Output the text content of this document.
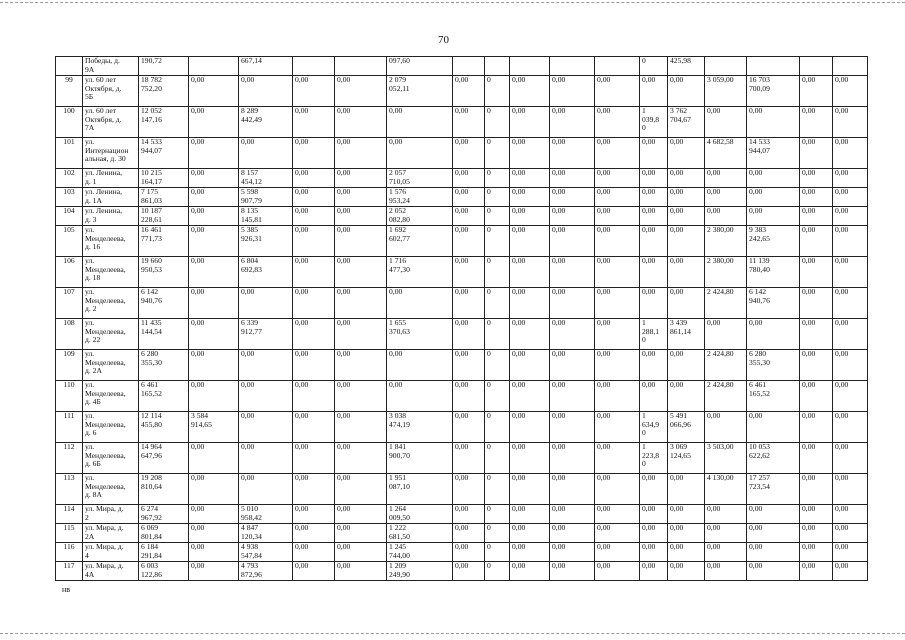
70
	Победы, д.
9А	190,72		667,14			097,60						0	425,98				
99	ул. 60 лет
Октября, д.
5Б	18 782
752,20	0,00	0,00	0,00	0,00	2 079
052,11	0,00	0	0,00	0,00	0,00	0,00	0,00	3 059,00	16 703
700,09	0,00	0,00
100	ул. 60 лет
Октября, д.
7А	12 052
147,16	0,00	8 289
442,49	0,00	0,00	0,00	0,00	0	0,00	0,00	0,00	1
039,8
0	3 762
704,67	0,00	0,00	0,00	0,00
101	ул.
Интернацион
альная, д. 30	14 533
944,07	0,00	0,00	0,00	0,00	0,00	0,00	0	0,00	0,00	0,00	0,00	0,00	4 682,58	14 533
944,07	0,00	0,00
102	ул. Ленина,
д. 1	10 215
164,17	0,00	8 157
454,12	0,00	0,00	2 057
710,05	0,00	0	0,00	0,00	0,00	0,00	0,00	0,00	0,00	0,00	0,00
103	ул. Ленина,
д. 1А	7 175
861,03	0,00	5 598
907,79	0,00	0,00	1 576
953,24	0,00	0	0,00	0,00	0,00	0,00	0,00	0,00	0,00	0,00	0,00
104	ул. Ленина,
д. 3	10 187
228,61	0,00	8 135
145,81	0,00	0,00	2 052
082,80	0,00	0	0,00	0,00	0,00	0,00	0,00	0,00	0,00	0,00	0,00
105	ул.
Менделеева,
д. 16	16 461
771,73	0,00	5 385
926,31	0,00	0,00	1 692
602,77	0,00	0	0,00	0,00	0,00	0,00	0,00	2 380,00	9 383
242,65	0,00	0,00
106	ул.
Менделеева,
д. 18	19 660
950,53	0,00	6 804
692,83	0,00	0,00	1 716
477,30	0,00	0	0,00	0,00	0,00	0,00	0,00	2 380,00	11 139
780,40	0,00	0,00
107	ул.
Менделеева,
д. 2	6 142
940,76	0,00	0,00	0,00	0,00	0,00	0,00	0	0,00	0,00	0,00	0,00	0,00	2 424,80	6 142
940,76	0,00	0,00
108	ул.
Менделеева,
д. 22	11 435
144,54	0,00	6 339
912,77	0,00	0,00	1 655
370,63	0,00	0	0,00	0,00	0,00	1
288,1
0	3 439
861,14	0,00	0,00	0,00	0,00
109	ул.
Менделеева,
д. 2А	6 280
355,30	0,00	0,00	0,00	0,00	0,00	0,00	0	0,00	0,00	0,00	0,00	0,00	2 424,80	6 280
355,30	0,00	0,00
110	ул.
Менделеева,
д. 4Б	6 461
165,52	0,00	0,00	0,00	0,00	0,00	0,00	0	0,00	0,00	0,00	0,00	0,00	2 424,80	6 461
165,52	0,00	0,00
111	ул.
Менделеева,
д. 6	12 114
455,80	3 584
914,65	0,00	0,00	0,00	3 038
474,19	0,00	0	0,00	0,00	0,00	1
634,9
0	5 491
066,96	0,00	0,00	0,00	0,00
112	ул.
Менделеева,
д. 6Б	14 964
647,96	0,00	0,00	0,00	0,00	1 841
900,70	0,00	0	0,00	0,00	0,00	1
223,8
0	3 069
124,65	3 503,00	10 053
622,62	0,00	0,00
113	ул.
Менделеева,
д. 8А	19 208
810,64	0,00	0,00	0,00	0,00	1 951
087,10	0,00	0	0,00	0,00	0,00	0,00	0,00	4 130,00	17 257
723,54	0,00	0,00
114	ул. Мира, д.
2	6 274
967,92	0,00	5 010
958,42	0,00	0,00	1 264
009,50	0,00	0	0,00	0,00	0,00	0,00	0,00	0,00	0,00	0,00	0,00
115	ул. Мира, д.
2А	6 069
801,84	0,00	4 847
120,34	0,00	0,00	1 222
681,50	0,00	0	0,00	0,00	0,00	0,00	0,00	0,00	0,00	0,00	0,00
116	ул. Мира, д.
4	6 184
291,84	0,00	4 938
547,84	0,00	0,00	1 245
744,00	0,00	0	0,00	0,00	0,00	0,00	0,00	0,00	0,00	0,00	0,00
117	ул. Мира, д.
4А	6 003
122,86	0,00	4 793
872,96	0,00	0,00	1 209
249,90	0,00	0	0,00	0,00	0,00	0,00	0,00	0,00	0,00	0,00	0,00
нв
